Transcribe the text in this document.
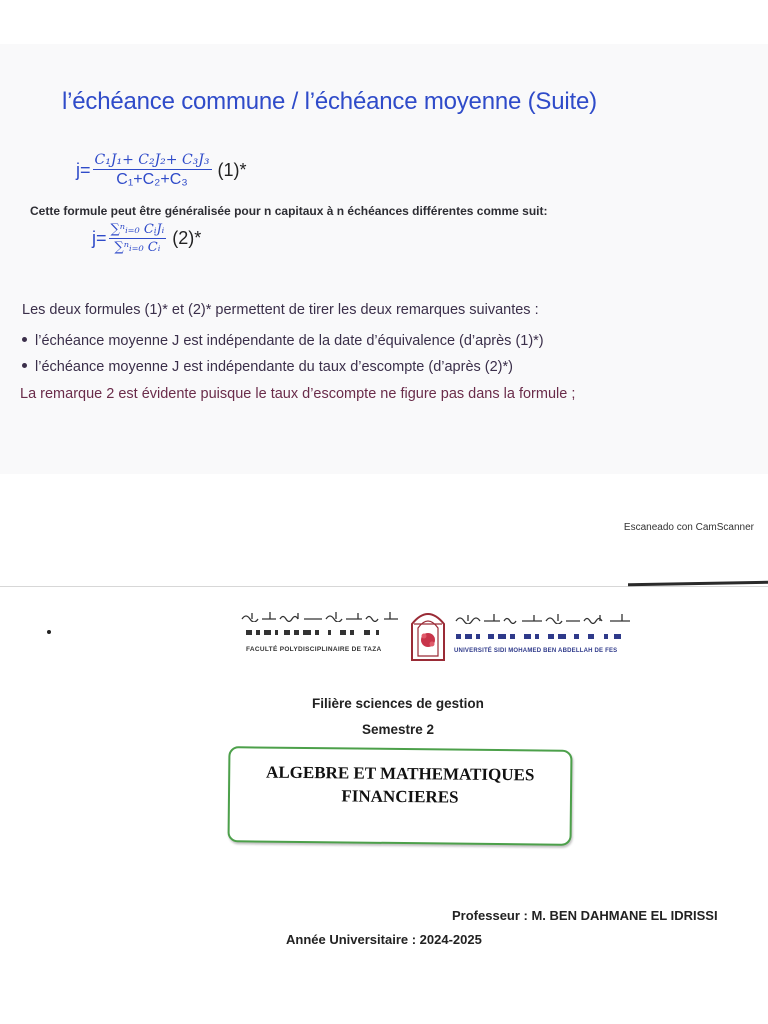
l’échéance commune / l’échéance moyenne (Suite)
$j= \frac{\text{C₁J₁+ C₂J₂+ C₃J₃}}{\text{C₁+C₂+C₃}} (1)*$
Cette formule peut être généralisée pour n capitaux à n échéances différentes comme suit:
$j= \frac{\text{∑ⁿᵢ₌₀ CᵢJᵢ}}{\text{∑ⁿᵢ₌₀ Cᵢ}} (2)*$
Les deux formules (1)* et (2)* permettent de tirer les deux remarques suivantes :
l’échéance moyenne J est indépendante de la date d’équivalence (d’après (1)*)
l’échéance moyenne J est indépendante du taux d’escompte (d’après (2)*)
La remarque 2 est évidente puisque le taux d’escompte ne figure pas dans la formule ;
Escaneado con CamScanner
FACULTÉ POLYDISCIPLINAIRE DE TAZA	UNIVERSITÉ SIDI MOHAMED BEN ABDELLAH DE FES
Filière sciences de gestion
Semestre 2
ALGEBRE ET MATHEMATIQUES
FINANCIERES
Professeur : M. BEN DAHMANE EL IDRISSI
Année Universitaire : 2024-2025
